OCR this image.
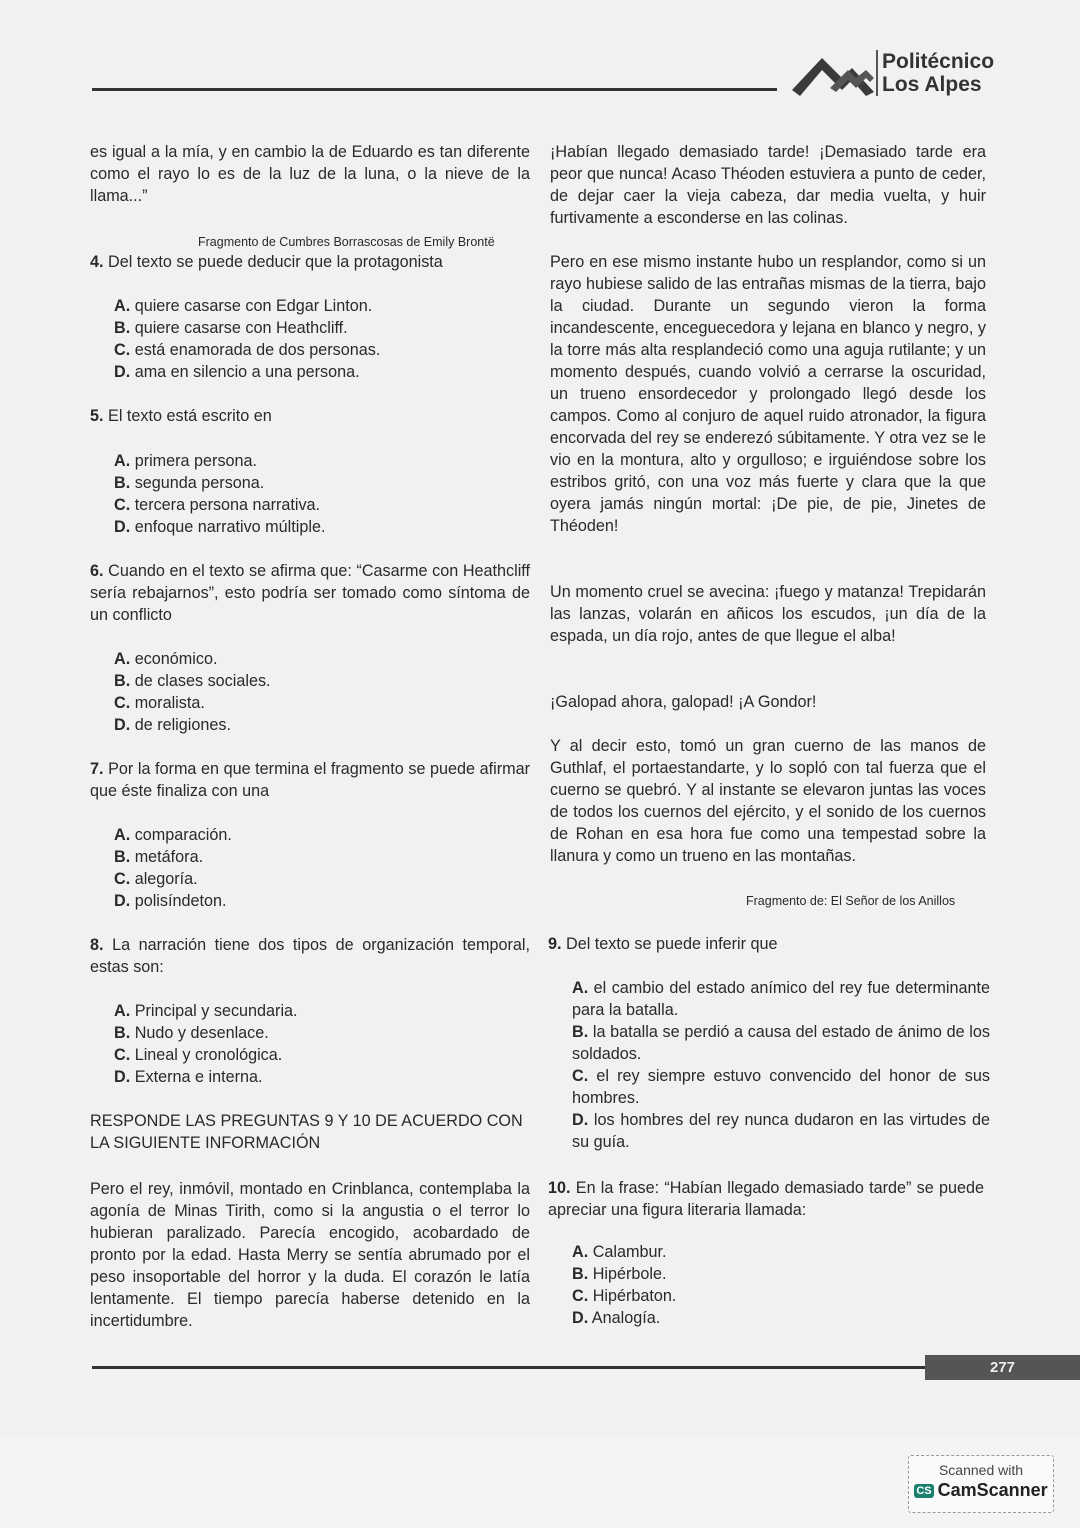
Politécnico
Los Alpes
es igual a la mía, y en cambio la de Eduardo es tan diferente como el rayo lo es de la luz de la luna, o la nieve de la llama...”
Fragmento de Cumbres Borrascosas de Emily Brontë
4. Del texto se puede deducir que la protagonista
A. quiere casarse con Edgar Linton.
B. quiere casarse con Heathcliff.
C. está enamorada de dos personas.
D. ama en silencio a una persona.
5. El texto está escrito en
A. primera persona.
B. segunda persona.
C. tercera persona narrativa.
D. enfoque narrativo múltiple.
6. Cuando en el texto se afirma que: “Casarme con Heathcliff sería rebajarnos”, esto podría ser tomado como síntoma de un conflicto
A. económico.
B. de clases sociales.
C. moralista.
D. de religiones.
7. Por la forma en que termina el fragmento se puede afirmar que éste finaliza con una
A. comparación.
B. metáfora.
C. alegoría.
D. polisíndeton.
8. La narración tiene dos tipos de organización temporal, estas son:
A. Principal y secundaria.
B. Nudo y desenlace.
C. Lineal y cronológica.
D. Externa e interna.
RESPONDE LAS PREGUNTAS 9 Y 10 DE ACUERDO CON LA SIGUIENTE INFORMACIÓN
Pero el rey, inmóvil, montado en Crinblanca, contemplaba la agonía de Minas Tirith, como si la angustia o el terror lo hubieran paralizado. Parecía encogido, acobardado de pronto por la edad. Hasta Merry se sentía abrumado por el peso insoportable del horror y la duda. El corazón le latía lentamente. El tiempo parecía haberse detenido en la incertidumbre.
¡Habían llegado demasiado tarde! ¡Demasiado tarde era peor que nunca! Acaso Théoden estuviera a punto de ceder, de dejar caer la vieja cabeza, dar media vuelta, y huir furtivamente a esconderse en las colinas.
Pero en ese mismo instante hubo un resplandor, como si un rayo hubiese salido de las entrañas mismas de la tierra, bajo la ciudad. Durante un segundo vieron la forma incandescente, enceguecedora y lejana en blanco y negro, y la torre más alta resplandeció como una aguja rutilante; y un momento después, cuando volvió a cerrarse la oscuridad, un trueno ensordecedor y prolongado llegó desde los campos. Como al conjuro de aquel ruido atronador, la figura encorvada del rey se enderezó súbitamente. Y otra vez se le vio en la montura, alto y orgulloso; e irguiéndose sobre los estribos gritó, con una voz más fuerte y clara que la que oyera jamás ningún mortal: ¡De pie, de pie, Jinetes de Théoden!
Un momento cruel se avecina: ¡fuego y matanza! Trepidarán las lanzas, volarán en añicos los escudos, ¡un día de la espada, un día rojo, antes de que llegue el alba!
¡Galopad ahora, galopad! ¡A Gondor!
Y al decir esto, tomó un gran cuerno de las manos de Guthlaf, el portaestandarte, y lo sopló con tal fuerza que el cuerno se quebró. Y al instante se elevaron juntas las voces de todos los cuernos del ejército, y el sonido de los cuernos de Rohan en esa hora fue como una tempestad sobre la llanura y como un trueno en las montañas.
Fragmento de: El Señor de los Anillos
9. Del texto se puede inferir que
A. el cambio del estado anímico del rey fue determinante para la batalla.
B. la batalla se perdió a causa del estado de ánimo de los soldados.
C. el rey siempre estuvo convencido del honor de sus hombres.
D. los hombres del rey nunca dudaron en las virtudes de su guía.
10. En la frase: “Habían llegado demasiado tarde” se puede apreciar una figura literaria llamada:
A. Calambur.
B. Hipérbole.
C. Hipérbaton.
D. Analogía.
277
Scanned with
CS CamScanner
